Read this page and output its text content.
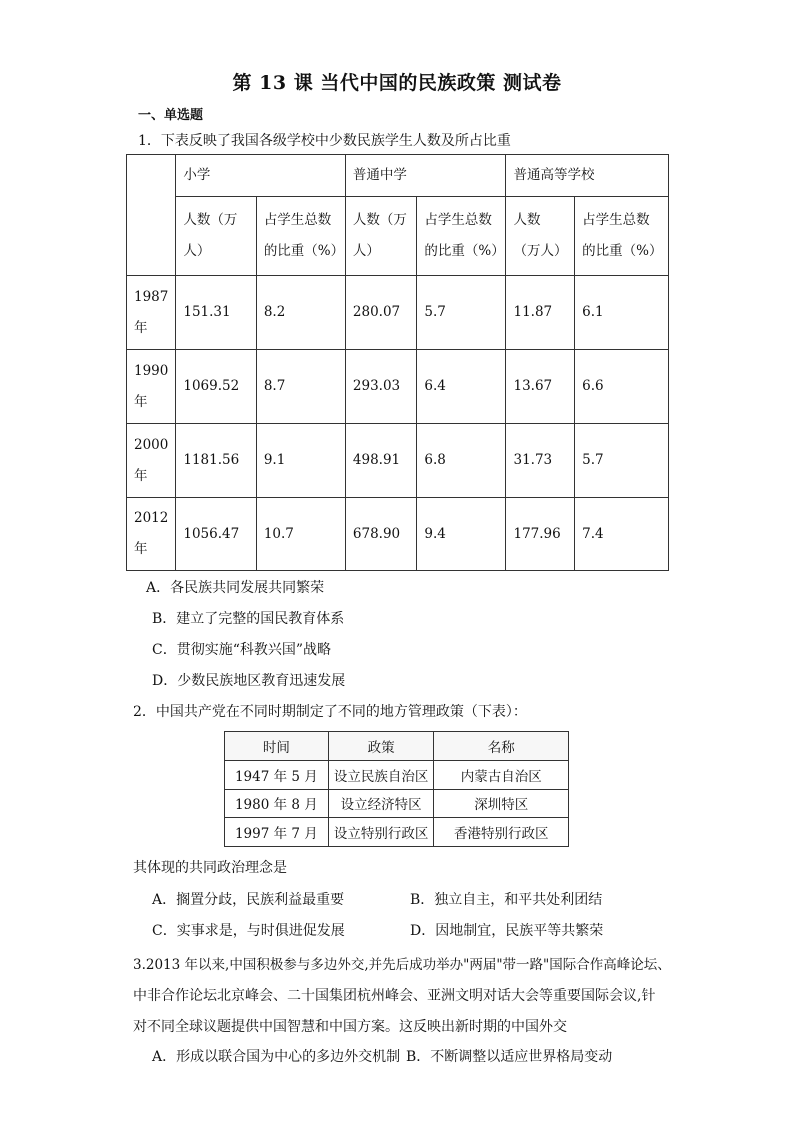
第 13 课 当代中国的民族政策 测试卷
一、单选题
1．下表反映了我国各级学校中少数民族学生人数及所占比重
	小学		普通中学		普通高等学校	
	人数（万人）	占学生总数的比重（%）	人数（万人）	占学生总数的比重（%）	人数（万人）	占学生总数的比重（%）
1987年	151.31	8.2	280.07	5.7	11.87	6.1
1990年	1069.52	8.7	293.03	6.4	13.67	6.6
2000年	1181.56	9.1	498.91	6.8	31.73	5.7
2012年	1056.47	10.7	678.90	9.4	177.96	7.4
A．各民族共同发展共同繁荣
B．建立了完整的国民教育体系
C．贯彻实施“科教兴国”战略
D．少数民族地区教育迅速发展
2．中国共产党在不同时期制定了不同的地方管理政策（下表）：
时间	政策	名称
1947 年 5 月	设立民族自治区	内蒙古自治区
1980 年 8 月	设立经济特区	深圳特区
1997 年 7 月	设立特别行政区	香港特别行政区
其体现的共同政治理念是
A．搁置分歧，民族利益最重要	B．独立自主，和平共处利团结
C．实事求是，与时俱进促发展	D．因地制宜，民族平等共繁荣
3.2013 年以来,中国积极参与多边外交,并先后成功举办"两届"带一路"国际合作高峰论坛、
中非合作论坛北京峰会、二十国集团杭州峰会、亚洲文明对话大会等重要国际会议,针
对不同全球议题提供中国智慧和中国方案。这反映出新时期的中国外交
A．形成以联合国为中心的多边外交机制 B．不断调整以适应世界格局变动
